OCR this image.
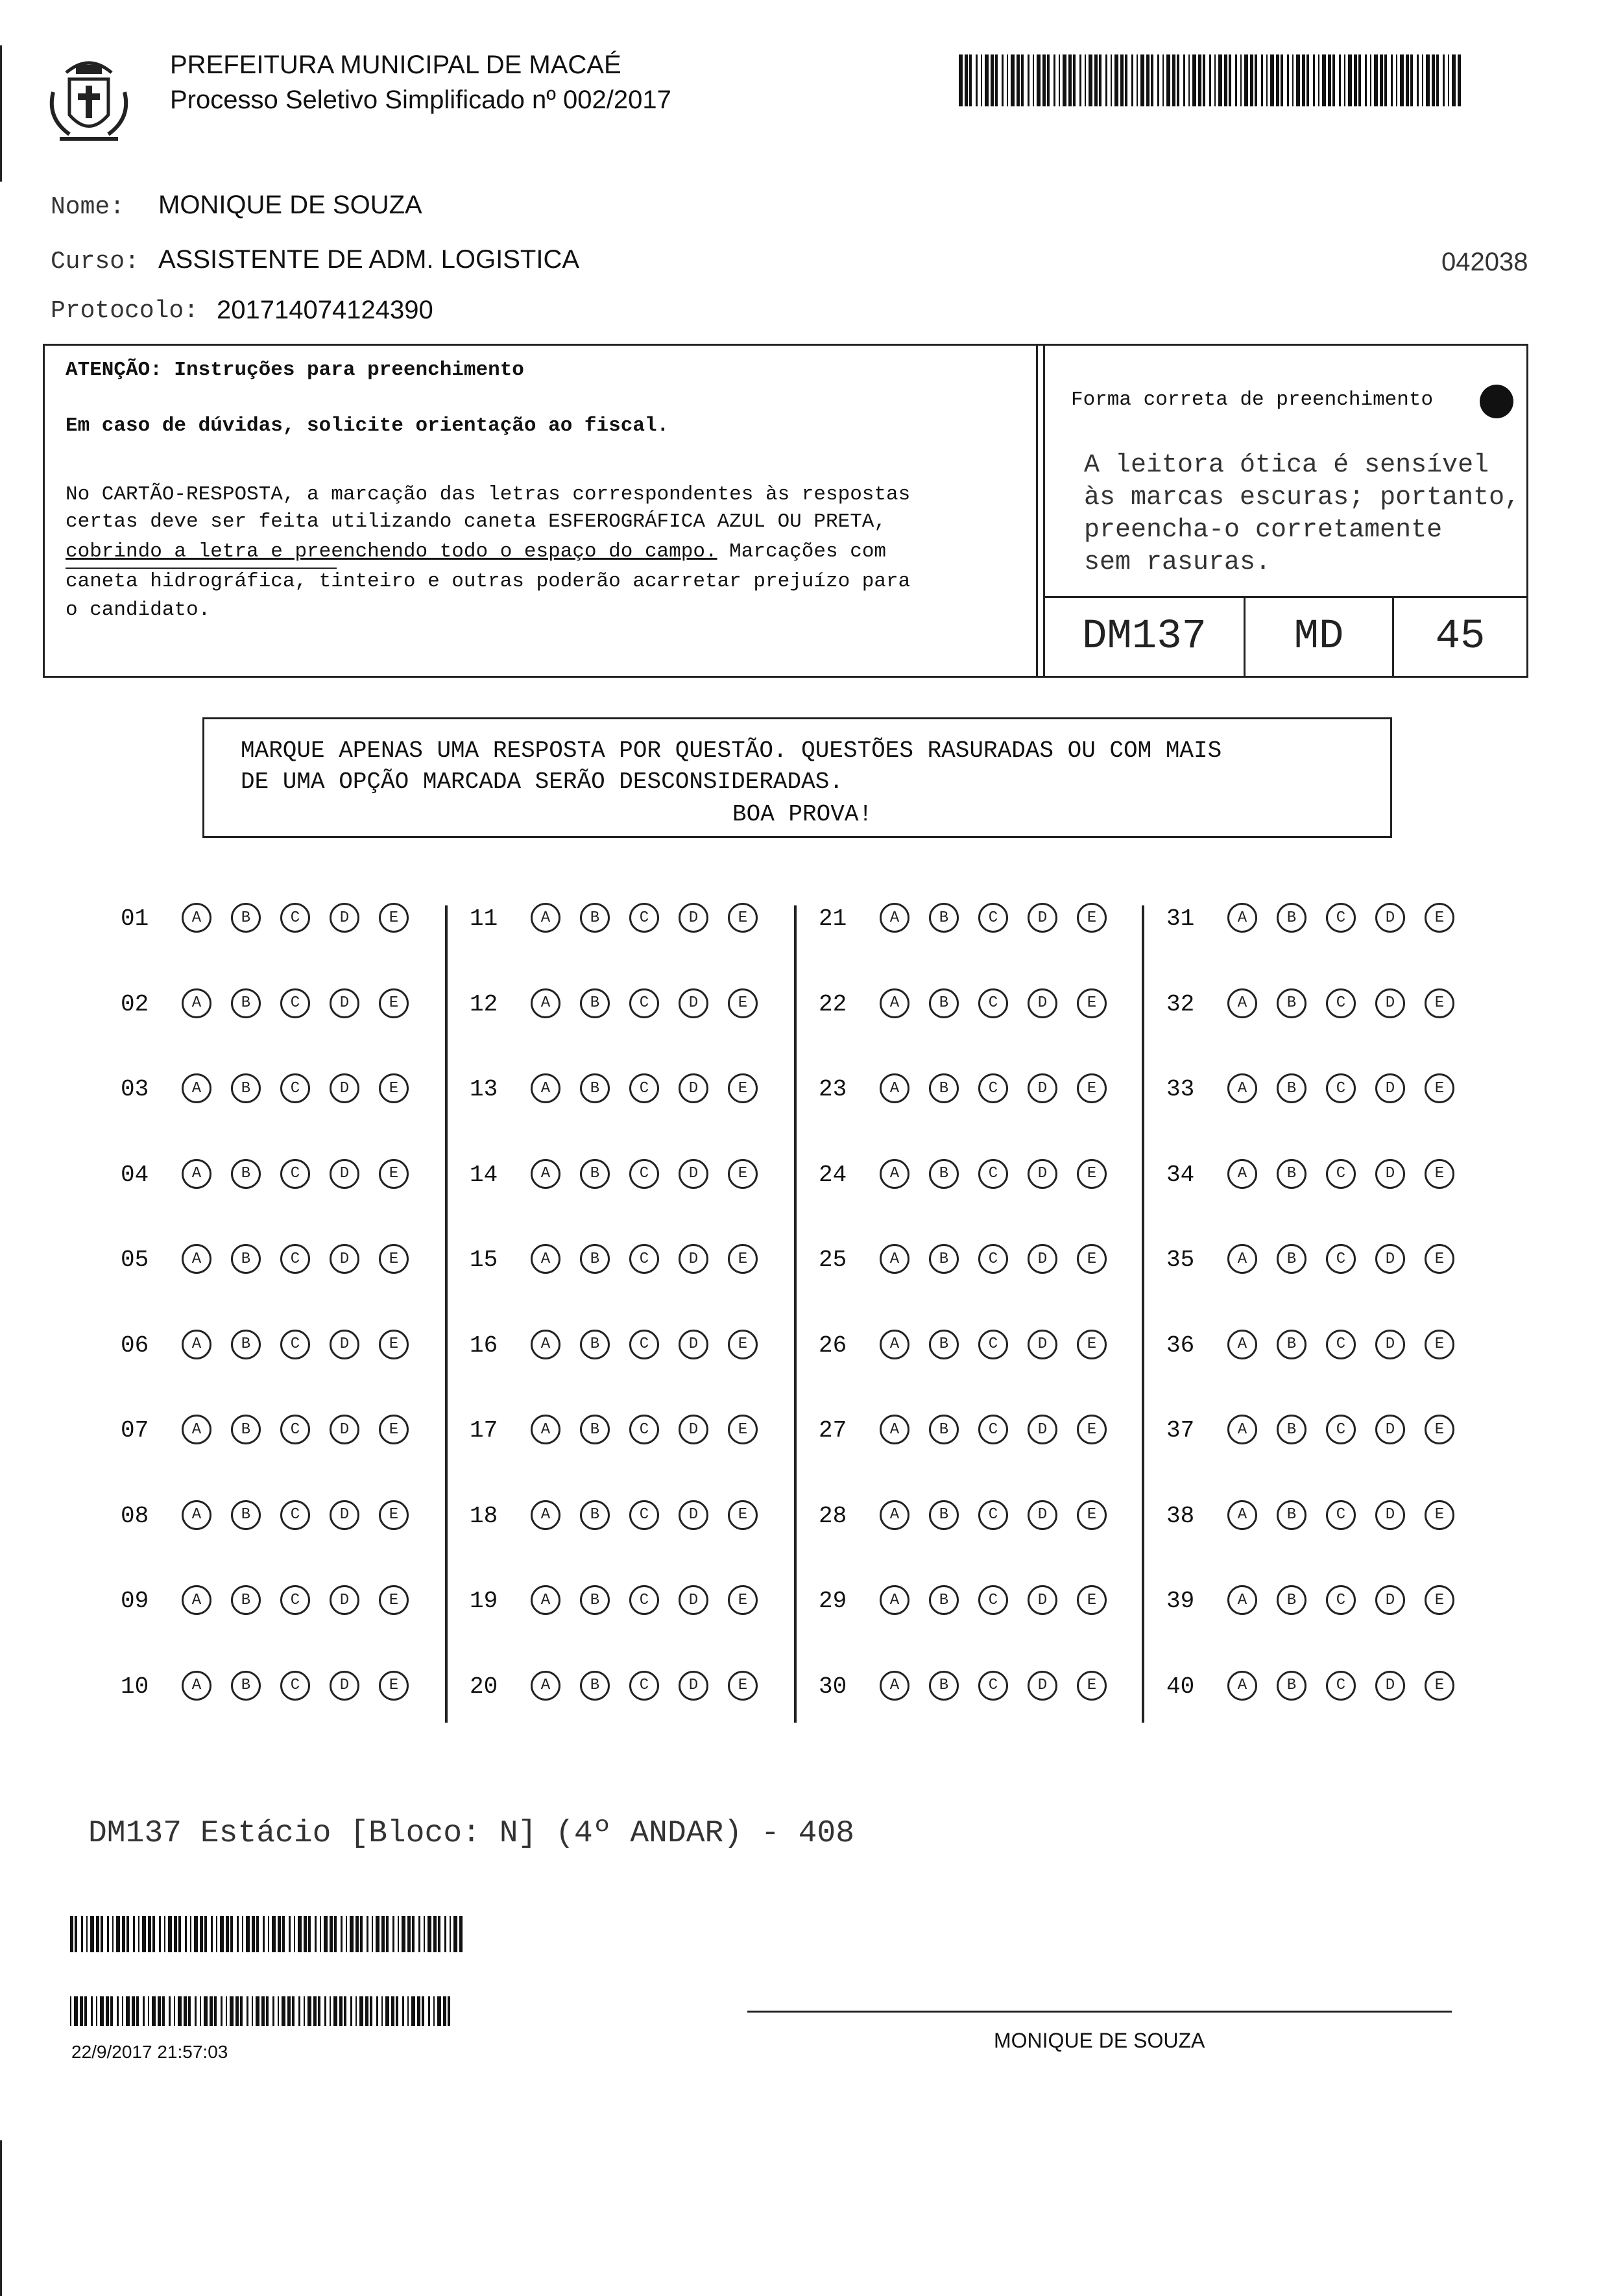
PREFEITURA MUNICIPAL DE MACAÉ
Processo Seletivo Simplificado nº 002/2017
Nome: MONIQUE DE SOUZA
Curso: ASSISTENTE DE ADM. LOGISTICA	042038
Protocolo: 201714074124390
ATENÇÃO: Instruções para preenchimento
Em caso de dúvidas, solicite orientação ao fiscal.
No CARTÃO-RESPOSTA, a marcação das letras correspondentes às respostas
certas deve ser feita utilizando caneta ESFEROGRÁFICA AZUL OU PRETA,
cobrindo a letra e preenchendo todo o espaço do campo. Marcações com
caneta hidrográfica, tinteiro e outras poderão acarretar prejuízo para
o candidato.
Forma correta de preenchimento
A leitora ótica é sensível
às marcas escuras; portanto,
preencha-o corretamente
sem rasuras.
DM137	MD	45
MARQUE APENAS UMA RESPOSTA POR QUESTÃO. QUESTÕES RASURADAS OU COM MAIS
DE UMA OPÇÃO MARCADA SERÃO DESCONSIDERADAS.
BOA PROVA!
DM137 Estácio [Bloco: N] (4º ANDAR) - 408
22/9/2017 21:57:03	MONIQUE DE SOUZA
01	A	B	C	D	E
02	A	B	C	D	E
03	A	B	C	D	E
04	A	B	C	D	E
05	A	B	C	D	E
06	A	B	C	D	E
07	A	B	C	D	E
08	A	B	C	D	E
09	A	B	C	D	E
10	A	B	C	D	E
11	A	B	C	D	E
12	A	B	C	D	E
13	A	B	C	D	E
14	A	B	C	D	E
15	A	B	C	D	E
16	A	B	C	D	E
17	A	B	C	D	E
18	A	B	C	D	E
19	A	B	C	D	E
20	A	B	C	D	E
21	A	B	C	D	E
22	A	B	C	D	E
23	A	B	C	D	E
24	A	B	C	D	E
25	A	B	C	D	E
26	A	B	C	D	E
27	A	B	C	D	E
28	A	B	C	D	E
29	A	B	C	D	E
30	A	B	C	D	E
31	A	B	C	D	E
32	A	B	C	D	E
33	A	B	C	D	E
34	A	B	C	D	E
35	A	B	C	D	E
36	A	B	C	D	E
37	A	B	C	D	E
38	A	B	C	D	E
39	A	B	C	D	E
40	A	B	C	D	E
